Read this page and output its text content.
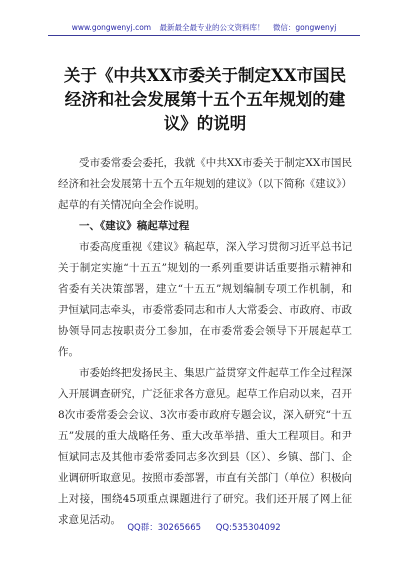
www.gongwenyj.com 最新最全最专业的公文资料库！ 微信：gongwenyj
关于《中共XX市委关于制定XX市国民经济和社会发展第十五个五年规划的建议》的说明

受市委常委会委托，我就《中共XX市委关于制定XX市国民经济和社会发展第十五个五年规划的建议》（以下简称《建议》）起草的有关情况向全会作说明。

一、《建议》稿起草过程

市委高度重视《建议》稿起草，深入学习贯彻习近平总书记关于制定实施“十五五”规划的一系列重要讲话重要指示精神和省委有关决策部署，建立“十五五”规划编制专项工作机制，和尹恒斌同志牵头，市委常委同志和市人大常委会、市政府、市政协领导同志按职责分工参加，在市委常委会领导下开展起草工作。

市委始终把发扬民主、集思广益贯穿文件起草工作全过程深入开展调查研究，广泛征求各方意见。起草工作启动以来，召开8次市委常委会会议、3次市委市政府专题会议，深入研究“十五五”发展的重大战略任务、重大改革举措、重大工程项目。和尹恒斌同志及其他市委常委同志多次到县（区）、乡镇、部门、企业调研听取意见。按照市委部署，市直有关部门（单位）积极向上对接，围绕45项重点课题进行了研究。我们还开展了网上征求意见活动。

QQ群：30265665 QQ:535304092
